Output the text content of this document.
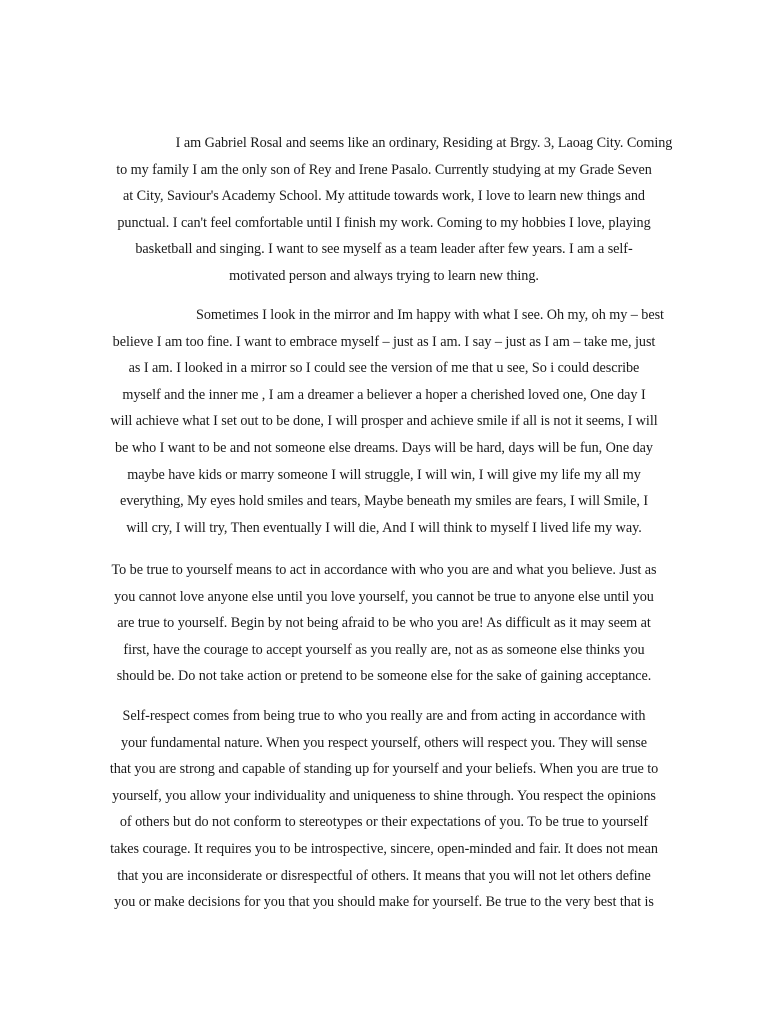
I am Gabriel Rosal and seems like an ordinary, Residing at Brgy. 3, Laoag City. Coming
to my family I am the only son of Rey and Irene Pasalo. Currently studying at my Grade Seven
at City, Saviour's Academy School. My attitude towards work, I love to learn new things and
punctual. I can't feel comfortable until I finish my work. Coming to my hobbies I love, playing
basketball and singing. I want to see myself as a team leader after few years. I am a self-
motivated person and always trying to learn new thing.
Sometimes I look in the mirror and Im happy with what I see. Oh my, oh my – best
believe I am too fine. I want to embrace myself – just as I am. I say – just as I am – take me, just
as I am. I looked in a mirror so I could see the version of me that u see, So i could describe
myself and the inner me , I am a dreamer a believer a hoper a cherished loved one, One day I
will achieve what I set out to be done, I will prosper and achieve smile if all is not it seems, I will
be who I want to be and not someone else dreams. Days will be hard, days will be fun, One day
maybe have kids or marry someone I will struggle, I will win, I will give my life my all my
everything, My eyes hold smiles and tears, Maybe beneath my smiles are fears, I will Smile, I
will cry, I will try, Then eventually I will die, And I will think to myself I lived life my way.
To be true to yourself means to act in accordance with who you are and what you believe. Just as
you cannot love anyone else until you love yourself, you cannot be true to anyone else until you
are true to yourself. Begin by not being afraid to be who you are! As difficult as it may seem at
first, have the courage to accept yourself as you really are, not as as someone else thinks you
should be. Do not take action or pretend to be someone else for the sake of gaining acceptance.
Self-respect comes from being true to who you really are and from acting in accordance with
your fundamental nature. When you respect yourself, others will respect you. They will sense
that you are strong and capable of standing up for yourself and your beliefs. When you are true to
yourself, you allow your individuality and uniqueness to shine through. You respect the opinions
of others but do not conform to stereotypes or their expectations of you. To be true to yourself
takes courage. It requires you to be introspective, sincere, open-minded and fair. It does not mean
that you are inconsiderate or disrespectful of others. It means that you will not let others define
you or make decisions for you that you should make for yourself. Be true to the very best that is
